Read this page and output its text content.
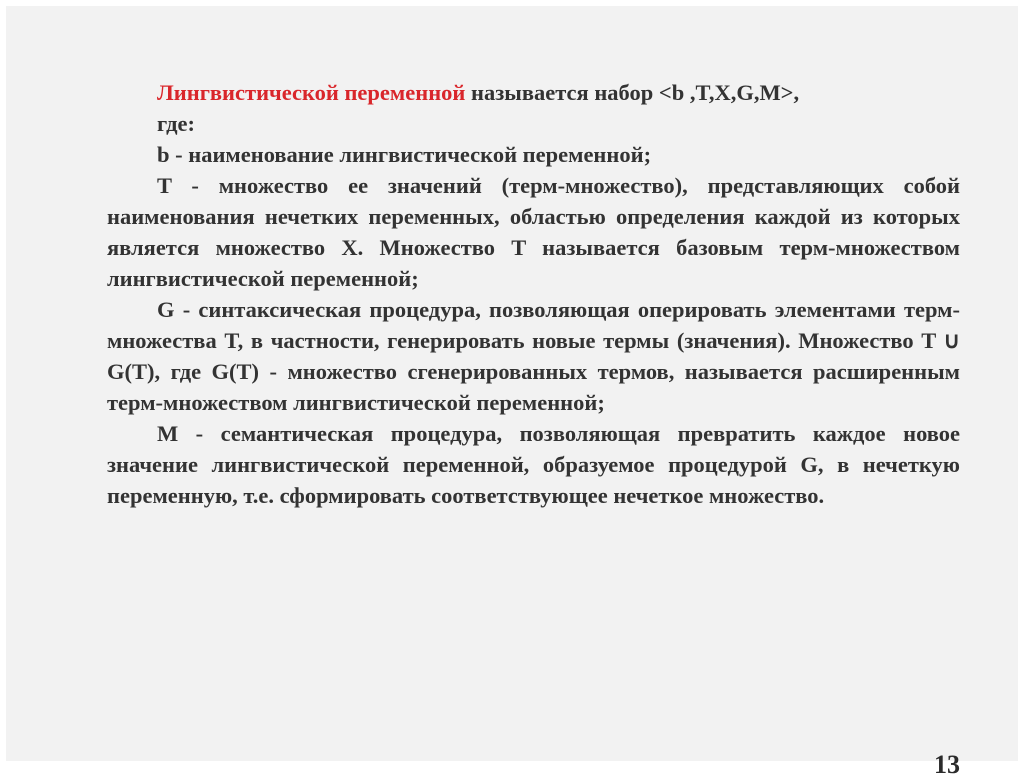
Лингвистической переменной называется набор <b ,T,X,G,M>,

где:

b - наименование лингвистической переменной;

T - множество ее значений (терм-множество), представляющих собой наименования нечетких переменных, областью определения каждой из которых является множество X. Множество T называется базовым терм-множеством лингвистической переменной;

G - синтаксическая процедура, позволяющая оперировать элементами терм-множества T, в частности, генерировать новые термы (значения). Множество T ∪ G(T), где G(T) - множество сгенерированных термов, называется расширенным терм-множеством лингвистической переменной;

M - семантическая процедура, позволяющая превратить каждое новое значение лингвистической переменной, образуемое процедурой G, в нечеткую переменную, т.е. сформировать соответствующее нечеткое множество.

13
